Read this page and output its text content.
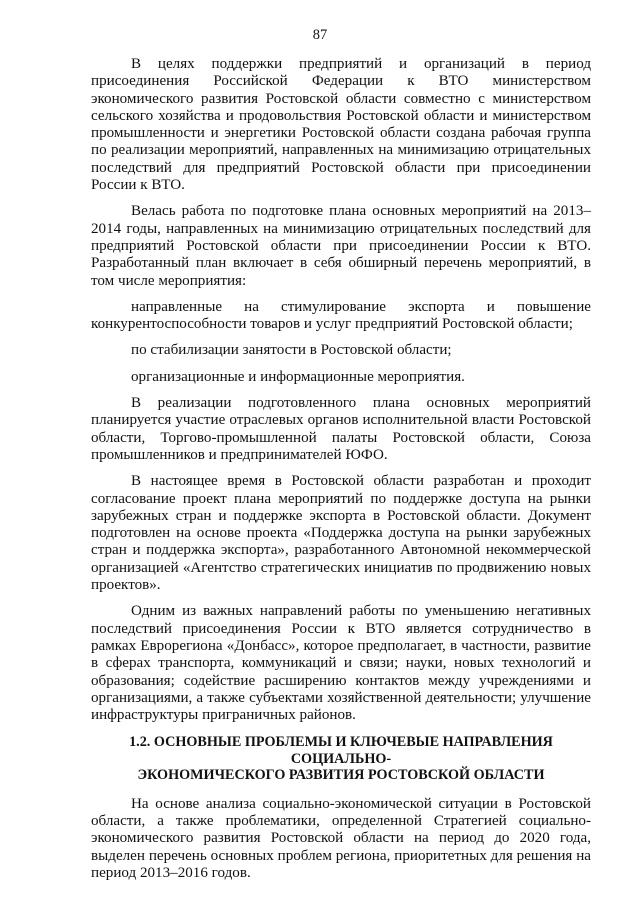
87

В целях поддержки предприятий и организаций в период присоединения Российской Федерации к ВТО министерством экономического развития Ростовской области совместно с министерством сельского хозяйства и продовольствия Ростовской области и министерством промышленности и энергетики Ростовской области создана рабочая группа по реализации мероприятий, направленных на минимизацию отрицательных последствий для предприятий Ростовской области при присоединении России к ВТО.

Велась работа по подготовке плана основных мероприятий на 2013–2014 годы, направленных на минимизацию отрицательных последствий для предприятий Ростовской области при присоединении России к ВТО. Разработанный план включает в себя обширный перечень мероприятий, в том числе мероприятия:

направленные на стимулирование экспорта и повышение конкурентоспособности товаров и услуг предприятий Ростовской области;

по стабилизации занятости в Ростовской области;

организационные и информационные мероприятия.

В реализации подготовленного плана основных мероприятий планируется участие отраслевых органов исполнительной власти Ростовской области, Торгово-промышленной палаты Ростовской области, Союза промышленников и предпринимателей ЮФО.

В настоящее время в Ростовской области разработан и проходит согласование проект плана мероприятий по поддержке доступа на рынки зарубежных стран и поддержке экспорта в Ростовской области. Документ подготовлен на основе проекта «Поддержка доступа на рынки зарубежных стран и поддержка экспорта», разработанного Автономной некоммерческой организацией «Агентство стратегических инициатив по продвижению новых проектов».

Одним из важных направлений работы по уменьшению негативных последствий присоединения России к ВТО является сотрудничество в рамках Еврорегиона «Донбасс», которое предполагает, в частности, развитие в сферах транспорта, коммуникаций и связи; науки, новых технологий и образования; содействие расширению контактов между учреждениями и организациями, а также субъектами хозяйственной деятельности; улучшение инфраструктуры приграничных районов.

1.2. ОСНОВНЫЕ ПРОБЛЕМЫ И КЛЮЧЕВЫЕ НАПРАВЛЕНИЯ СОЦИАЛЬНО-
ЭКОНОМИЧЕСКОГО РАЗВИТИЯ РОСТОВСКОЙ ОБЛАСТИ

На основе анализа социально-экономической ситуации в Ростовской области, а также проблематики, определенной Стратегией социально-экономического развития Ростовской области на период до 2020 года, выделен перечень основных проблем региона, приоритетных для решения на период 2013–2016 годов.
